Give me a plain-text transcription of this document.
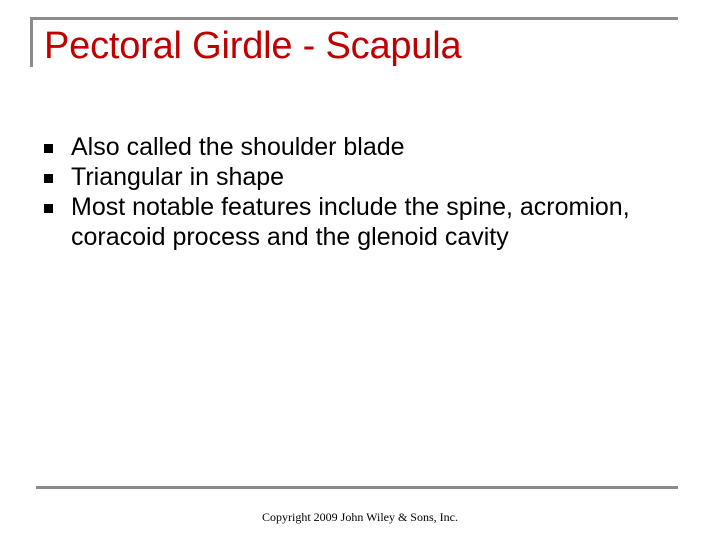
Pectoral Girdle - Scapula
Also called the shoulder blade
Triangular in shape
Most notable features include the spine, acromion, coracoid process and the glenoid cavity
Copyright 2009 John Wiley & Sons, Inc.
